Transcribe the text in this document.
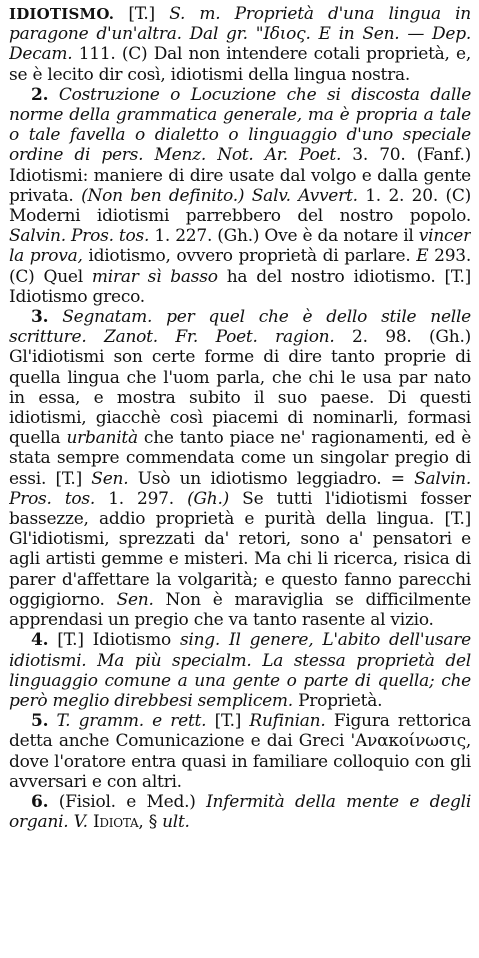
IDIOTISMO. [T.] S. m. Proprietà d'una lingua in paragone d'un'altra. Dal gr. "Ιδιος. E in Sen. — Dep. Decam. 111. (C) Dal non intendere cotali proprietà, e, se è lecito dir così, idiotismi della lingua nostra.

2. Costruzione o Locuzione che si discosta dalle norme della grammatica generale, ma è propria a tale o tale favella o dialetto o linguaggio d'uno speciale ordine di pers. Menz. Not. Ar. Poet. 3. 70. (Fanf.) Idiotismi: maniere di dire usate dal volgo e dalla gente privata. (Non ben definito.) Salv. Avvert. 1. 2. 20. (C) Moderni idiotismi parrebbero del nostro popolo. Salvin. Pros. tos. 1. 227. (Gh.) Ove è da notare il vincer la prova, idiotismo, ovvero proprietà di parlare. E 293. (C) Quel mirar sì basso ha del nostro idiotismo. [T.] Idiotismo greco.

3. Segnatam. per quel che è dello stile nelle scritture. Zanot. Fr. Poet. ragion. 2. 98. (Gh.) Gl'idiotismi son certe forme di dire tanto proprie di quella lingua che l'uom parla, che chi le usa par nato in essa, e mostra subito il suo paese. Di questi idiotismi, giacchè così piacemi di nominarli, formasi quella urbanità che tanto piace ne' ragionamenti, ed è stata sempre commendata come un singolar pregio di essi. [T.] Sen. Usò un idiotismo leggiadro. = Salvin. Pros. tos. 1. 297. (Gh.) Se tutti l'idiotismi fosser bassezze, addio proprietà e purità della lingua. [T.] Gl'idiotismi, sprezzati da' retori, sono a' pensatori e agli artisti gemme e misteri. Ma chi li ricerca, risica di parer d'affettare la volgarità; e questo fanno parecchi oggigiorno. Sen. Non è maraviglia se difficilmente apprendasi un pregio che va tanto rasente al vizio.

4. [T.] Idiotismo sing. Il genere, L'abito dell'usare idiotismi. Ma più specialm. La stessa proprietà del linguaggio comune a una gente o parte di quella; che però meglio direbbesi semplicem. Proprietà.

5. T. gramm. e rett. [T.] Rufinian. Figura rettorica detta anche Comunicazione e dai Greci 'Ανακοίνωσις, dove l'oratore entra quasi in familiare colloquio con gli avversari e con altri.

6. (Fisiol. e Med.) Infermità della mente e degli organi. V. Idiota, § ult.
